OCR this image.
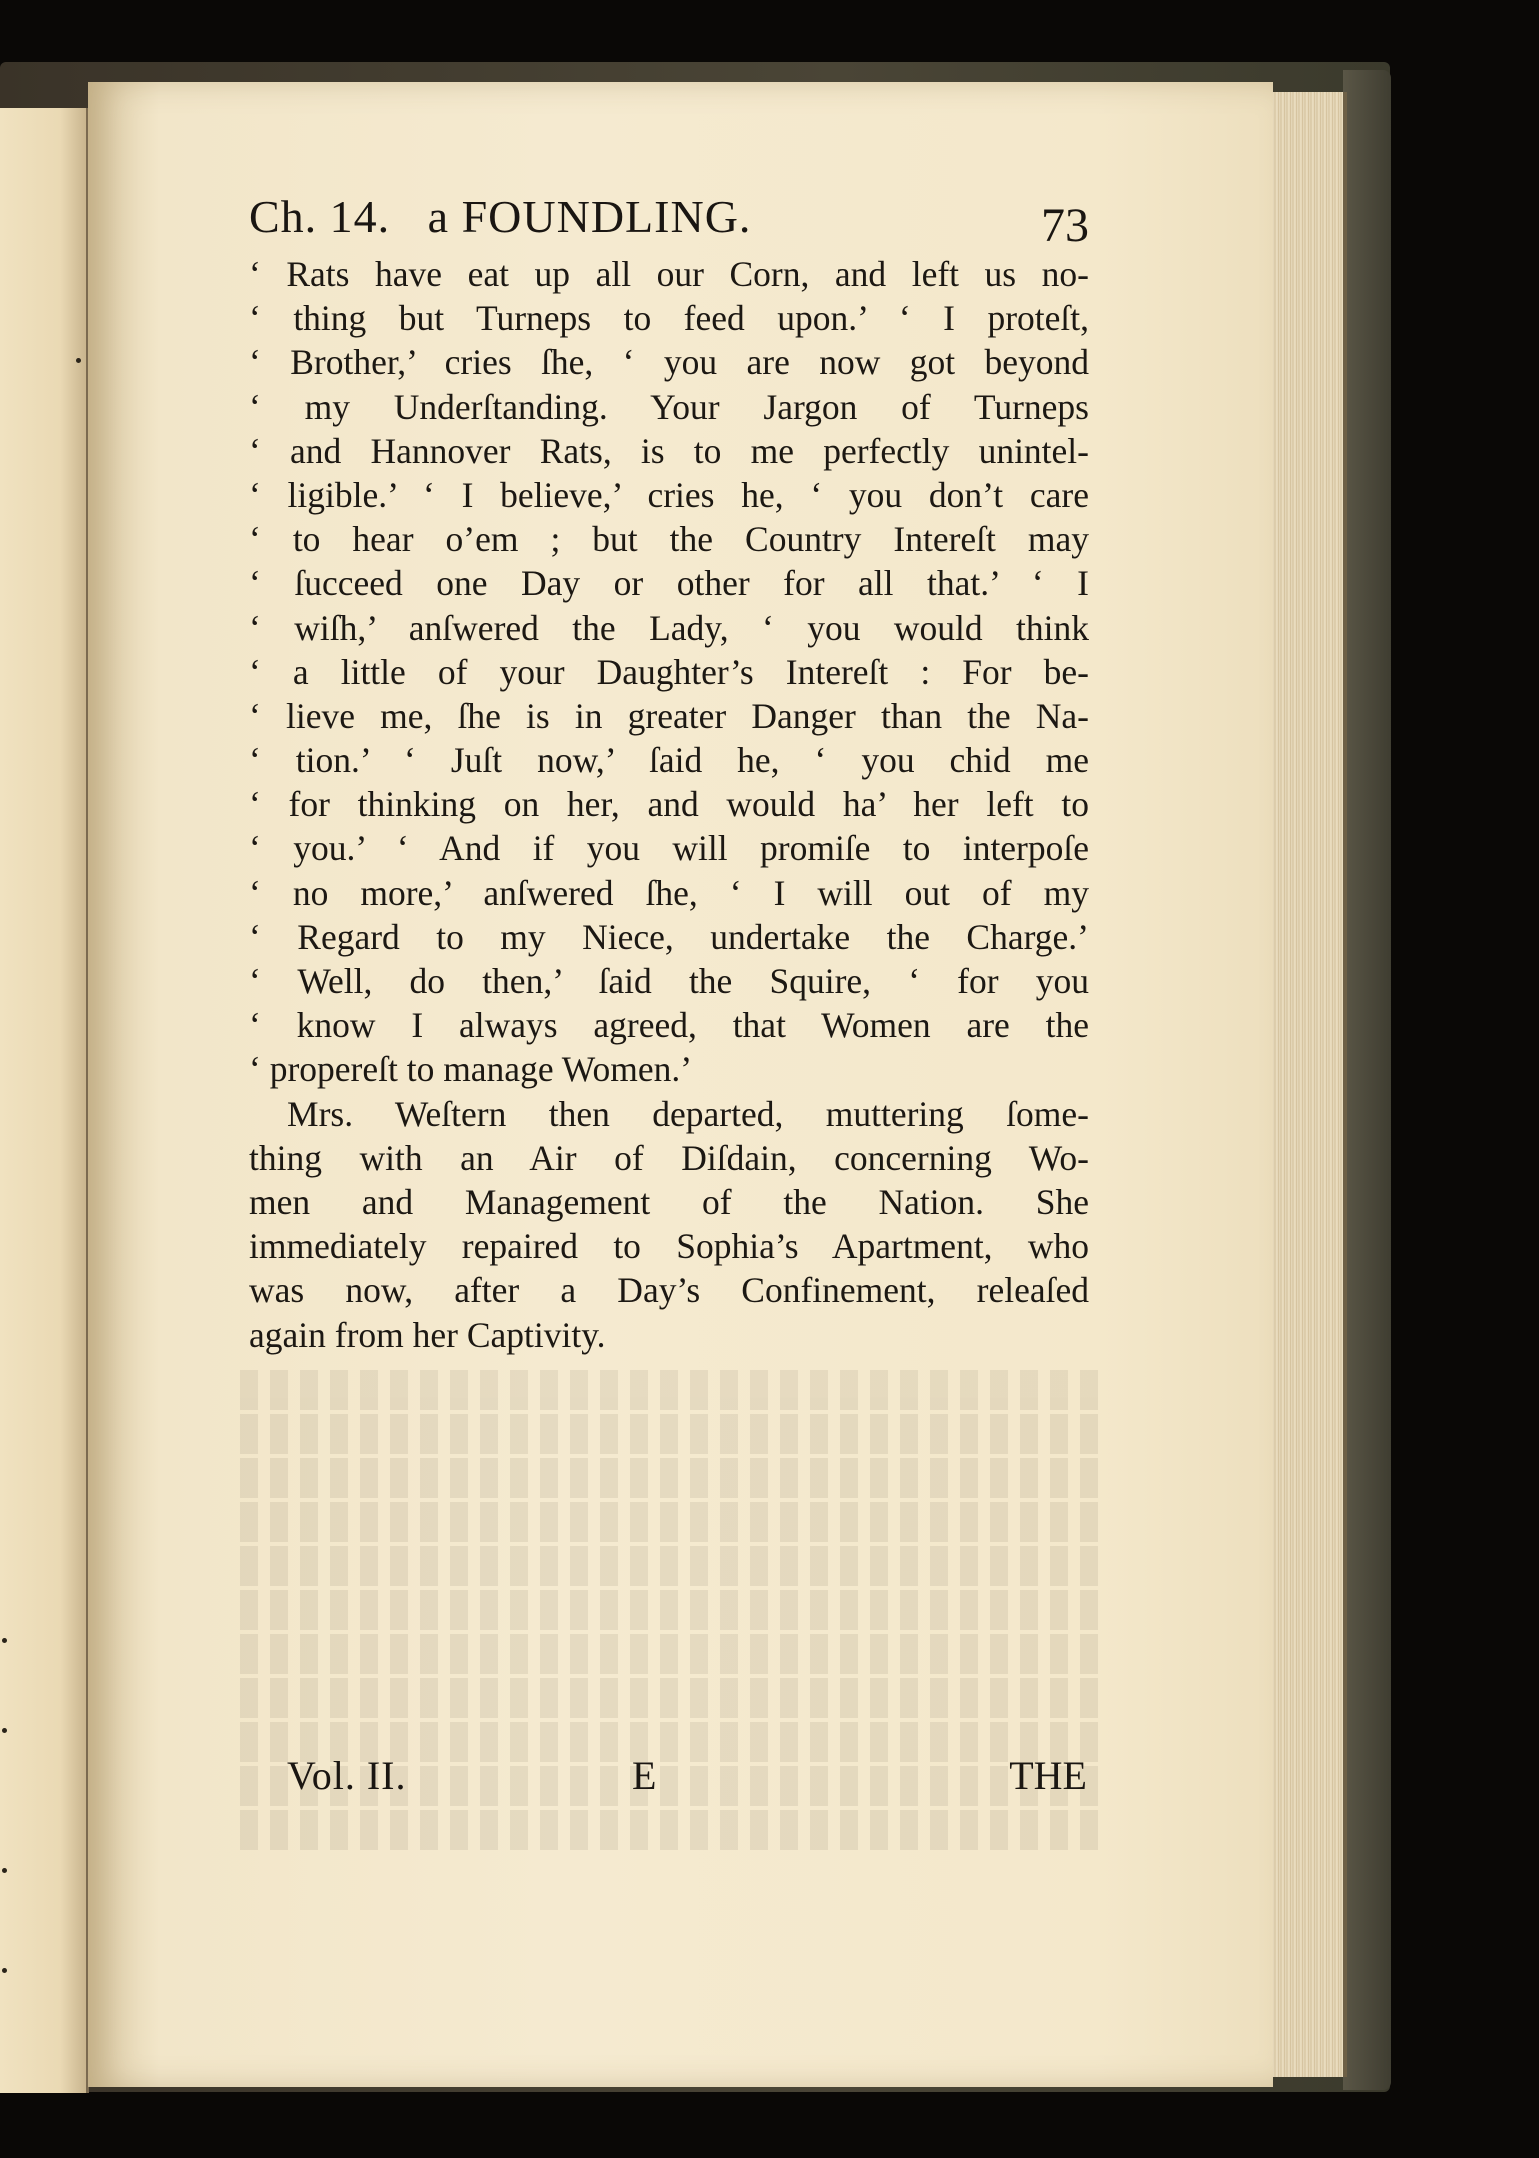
Ch. 14.   a FOUNDLING.	73
‘ Rats have eat up all our Corn, and left us no-
‘ thing but Turneps to feed upon.’ ‘ I proteſt,
‘ Brother,’ cries ſhe, ‘ you are now got beyond
‘ my Underſtanding. Your Jargon of Turneps
‘ and Hannover Rats, is to me perfectly unintel-
‘ ligible.’ ‘ I believe,’ cries he, ‘ you don’t care
‘ to hear o’em ; but the Country Intereſt may
‘ ſucceed one Day or other for all that.’ ‘ I
‘ wiſh,’ anſwered the Lady, ‘ you would think
‘ a little of your Daughter’s Intereſt : For be-
‘ lieve me, ſhe is in greater Danger than the Na-
‘ tion.’ ‘ Juſt now,’ ſaid he, ‘ you chid me
‘ for thinking on her, and would ha’ her left to
‘ you.’ ‘ And if you will promiſe to interpoſe
‘ no more,’ anſwered ſhe, ‘ I will out of my
‘ Regard to my Niece, undertake the Charge.’
‘ Well, do then,’ ſaid the Squire, ‘ for you
‘ know I always agreed, that Women are the
‘ propereſt to manage Women.’
Mrs. Weſtern then departed, muttering ſome-
thing with an Air of Diſdain, concerning Wo-
men and Management of the Nation. She
immediately repaired to Sophia’s Apartment, who
was now, after a Day’s Confinement, releaſed
again from her Captivity.
Vol. II.	E	THE
